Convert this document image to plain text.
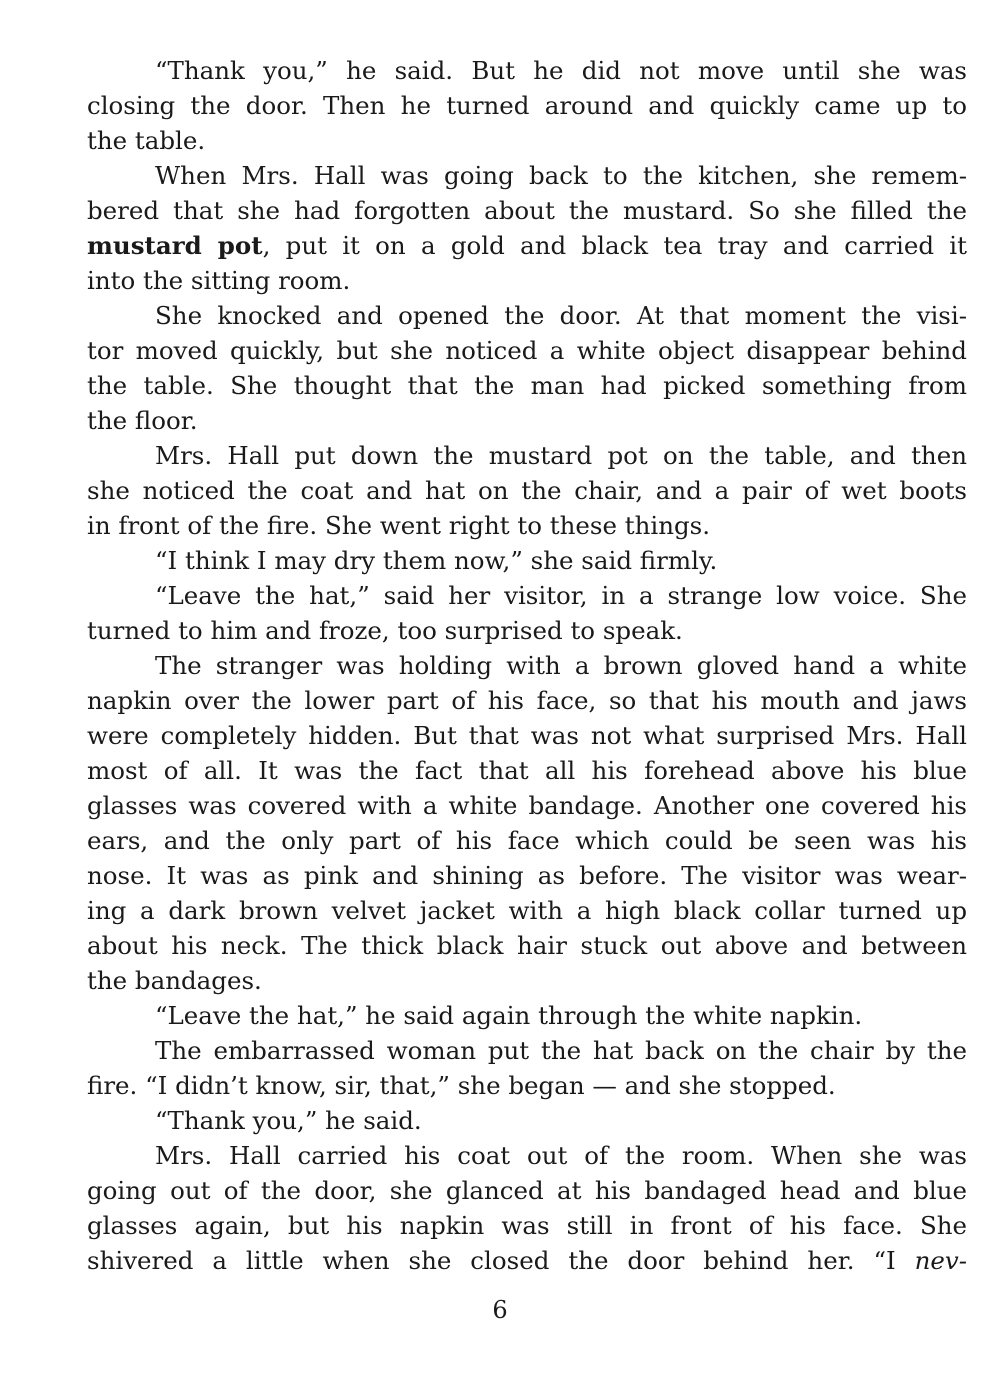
“Thank you,” he said. But he did not move until she was
closing the door. Then he turned around and quickly came up to
the table.
When Mrs. Hall was going back to the kitchen, she remem-
bered that she had forgotten about the mustard. So she filled the
mustard pot, put it on a gold and black tea tray and carried it
into the sitting room.
She knocked and opened the door. At that moment the visi-
tor moved quickly, but she noticed a white object disappear behind
the table. She thought that the man had picked something from
the floor.
Mrs. Hall put down the mustard pot on the table, and then
she noticed the coat and hat on the chair, and a pair of wet boots
in front of the fire. She went right to these things.
“I think I may dry them now,” she said firmly.
“Leave the hat,” said her visitor, in a strange low voice. She
turned to him and froze, too surprised to speak.
The stranger was holding with a brown gloved hand a white
napkin over the lower part of his face, so that his mouth and jaws
were completely hidden. But that was not what surprised Mrs. Hall
most of all. It was the fact that all his forehead above his blue
glasses was covered with a white bandage. Another one covered his
ears, and the only part of his face which could be seen was his
nose. It was as pink and shining as before. The visitor was wear-
ing a dark brown velvet jacket with a high black collar turned up
about his neck. The thick black hair stuck out above and between
the bandages.
“Leave the hat,” he said again through the white napkin.
The embarrassed woman put the hat back on the chair by the
fire. “I didn’t know, sir, that,” she began — and she stopped.
“Thank you,” he said.
Mrs. Hall carried his coat out of the room. When she was
going out of the door, she glanced at his bandaged head and blue
glasses again, but his napkin was still in front of his face. She
shivered a little when she closed the door behind her. “I nev-
6
